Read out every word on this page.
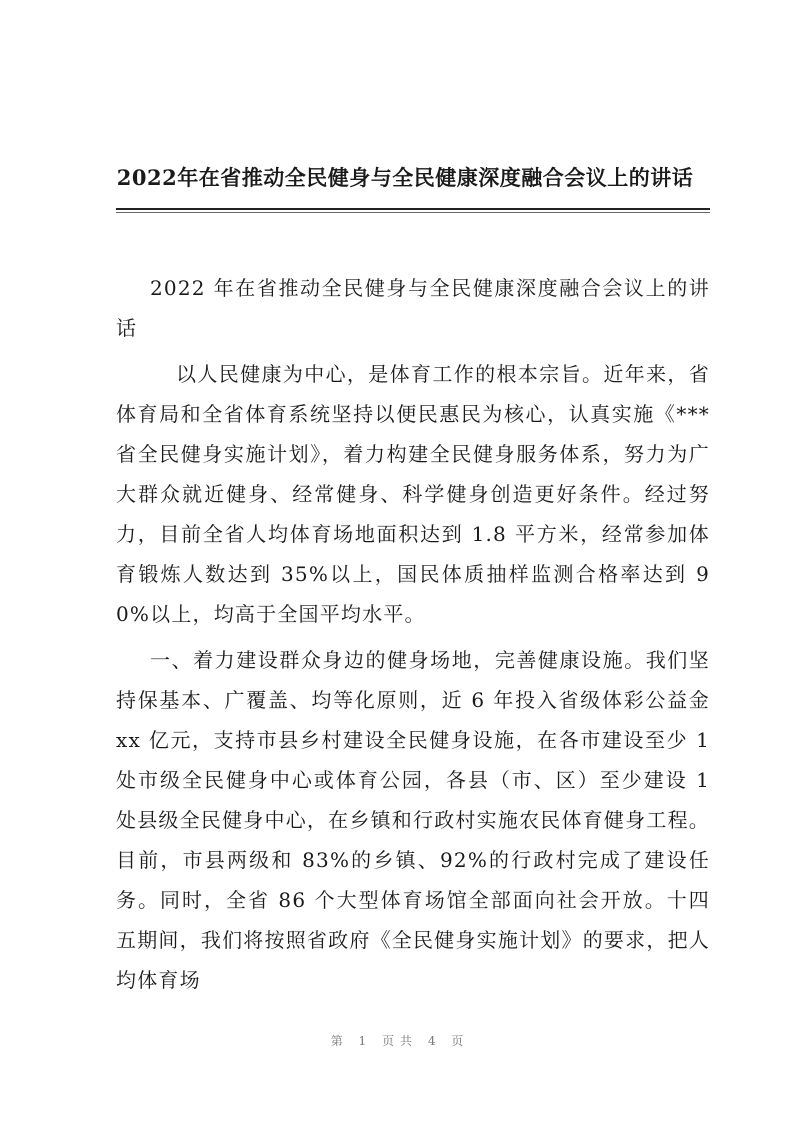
2022年在省推动全民健身与全民健康深度融合会议上的讲话

2022 年在省推动全民健身与全民健康深度融合会议上的讲话

以人民健康为中心，是体育工作的根本宗旨。近年来，省体育局和全省体育系统坚持以便民惠民为核心，认真实施《***省全民健身实施计划》，着力构建全民健身服务体系，努力为广大群众就近健身、经常健身、科学健身创造更好条件。经过努力，目前全省人均体育场地面积达到 1.8 平方米，经常参加体育锻炼人数达到 35%以上，国民体质抽样监测合格率达到 90%以上，均高于全国平均水平。

一、着力建设群众身边的健身场地，完善健康设施。我们坚持保基本、广覆盖、均等化原则，近 6 年投入省级体彩公益金 xx 亿元，支持市县乡村建设全民健身设施，在各市建设至少 1 处市级全民健身中心或体育公园，各县（市、区）至少建设 1 处县级全民健身中心，在乡镇和行政村实施农民体育健身工程。目前，市县两级和 83%的乡镇、92%的行政村完成了建设任务。同时，全省 86 个大型体育场馆全部面向社会开放。十四五期间，我们将按照省政府《全民健身实施计划》的要求，把人均体育场

第 1 页共 4 页
